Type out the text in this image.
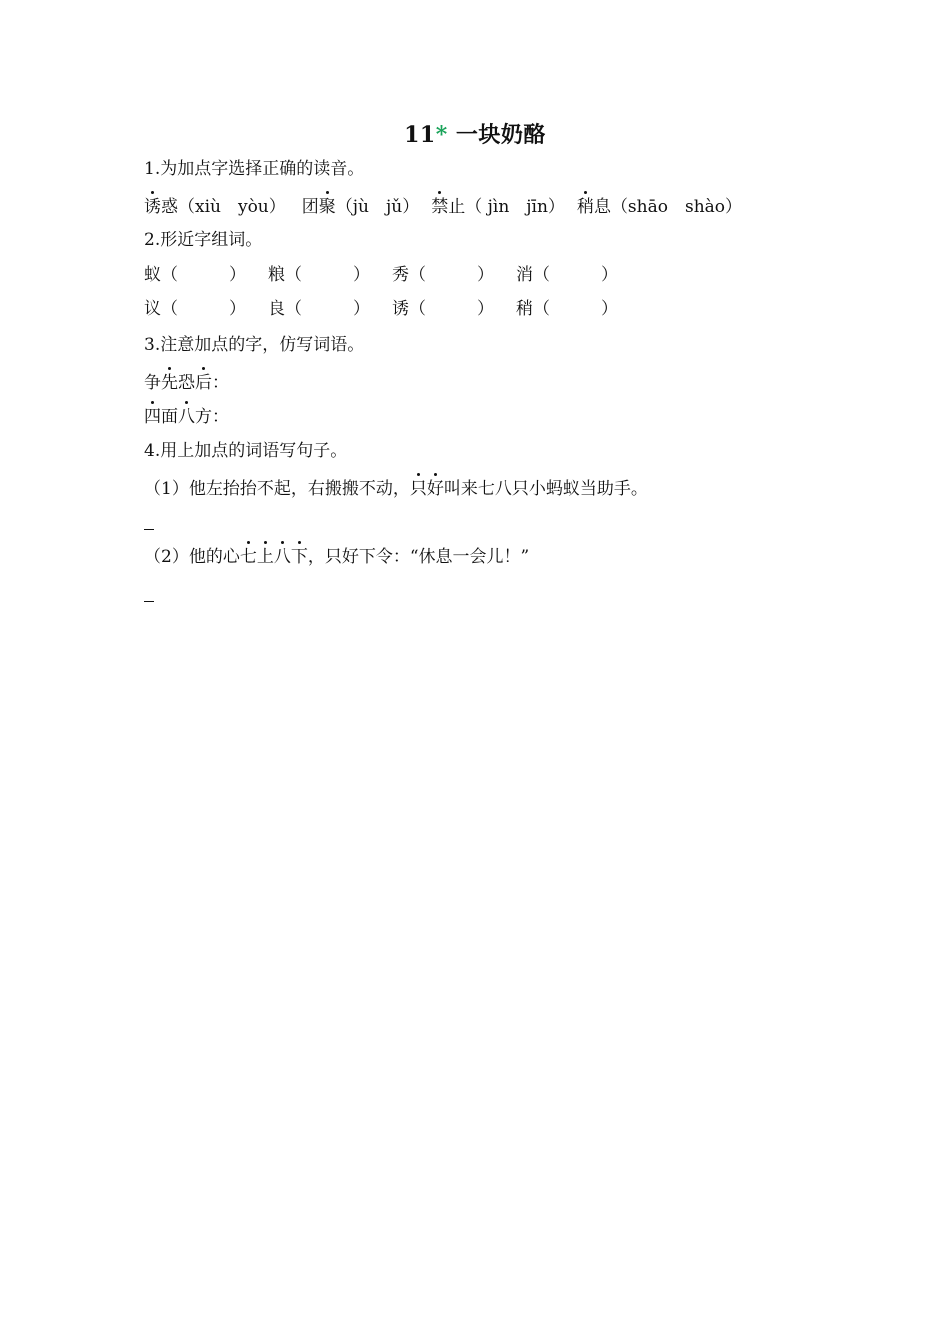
11* 一块奶酪
1.为加点字选择正确的读音。
诱惑（xiù　yòu） 团聚（jù　jǔ） 禁止（ jìn　jīn） 稍息（shāo　shào）
2.形近字组词。
蚁（　　　） 粮（　　　） 秀（　　　） 消（　　　）
议（　　　） 良（　　　） 诱（　　　） 稍（　　　）
3.注意加点的字，仿写词语。
争先恐后：
四面八方：
4.用上加点的词语写句子。
（1）他左抬抬不起，右搬搬不动，只好叫来七八只小蚂蚁当助手。
（2）他的心七上八下，只好下令：“休息一会儿！”
